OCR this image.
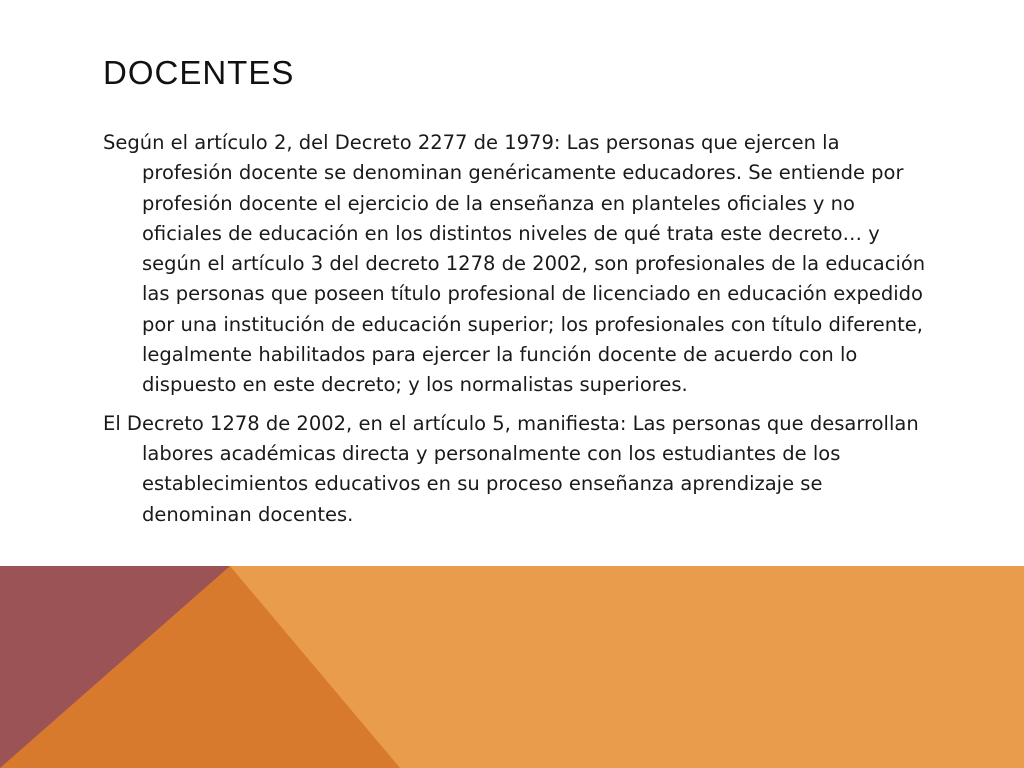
DOCENTES

Según el artículo 2, del Decreto 2277 de 1979: Las personas que ejercen la profesión docente se denominan genéricamente educadores. Se entiende por profesión docente el ejercicio de la enseñanza en planteles oficiales y no oficiales de educación en los distintos niveles de qué trata este decreto… y según el artículo 3 del decreto 1278 de 2002, son profesionales de la educación las personas que poseen título profesional de licenciado en educación expedido por una institución de educación superior; los profesionales con título diferente, legalmente habilitados para ejercer la función docente de acuerdo con lo dispuesto en este decreto; y los normalistas superiores.

El Decreto 1278 de 2002, en el artículo 5, manifiesta: Las personas que desarrollan labores académicas directa y personalmente con los estudiantes de los establecimientos educativos en su proceso enseñanza aprendizaje se denominan docentes.
